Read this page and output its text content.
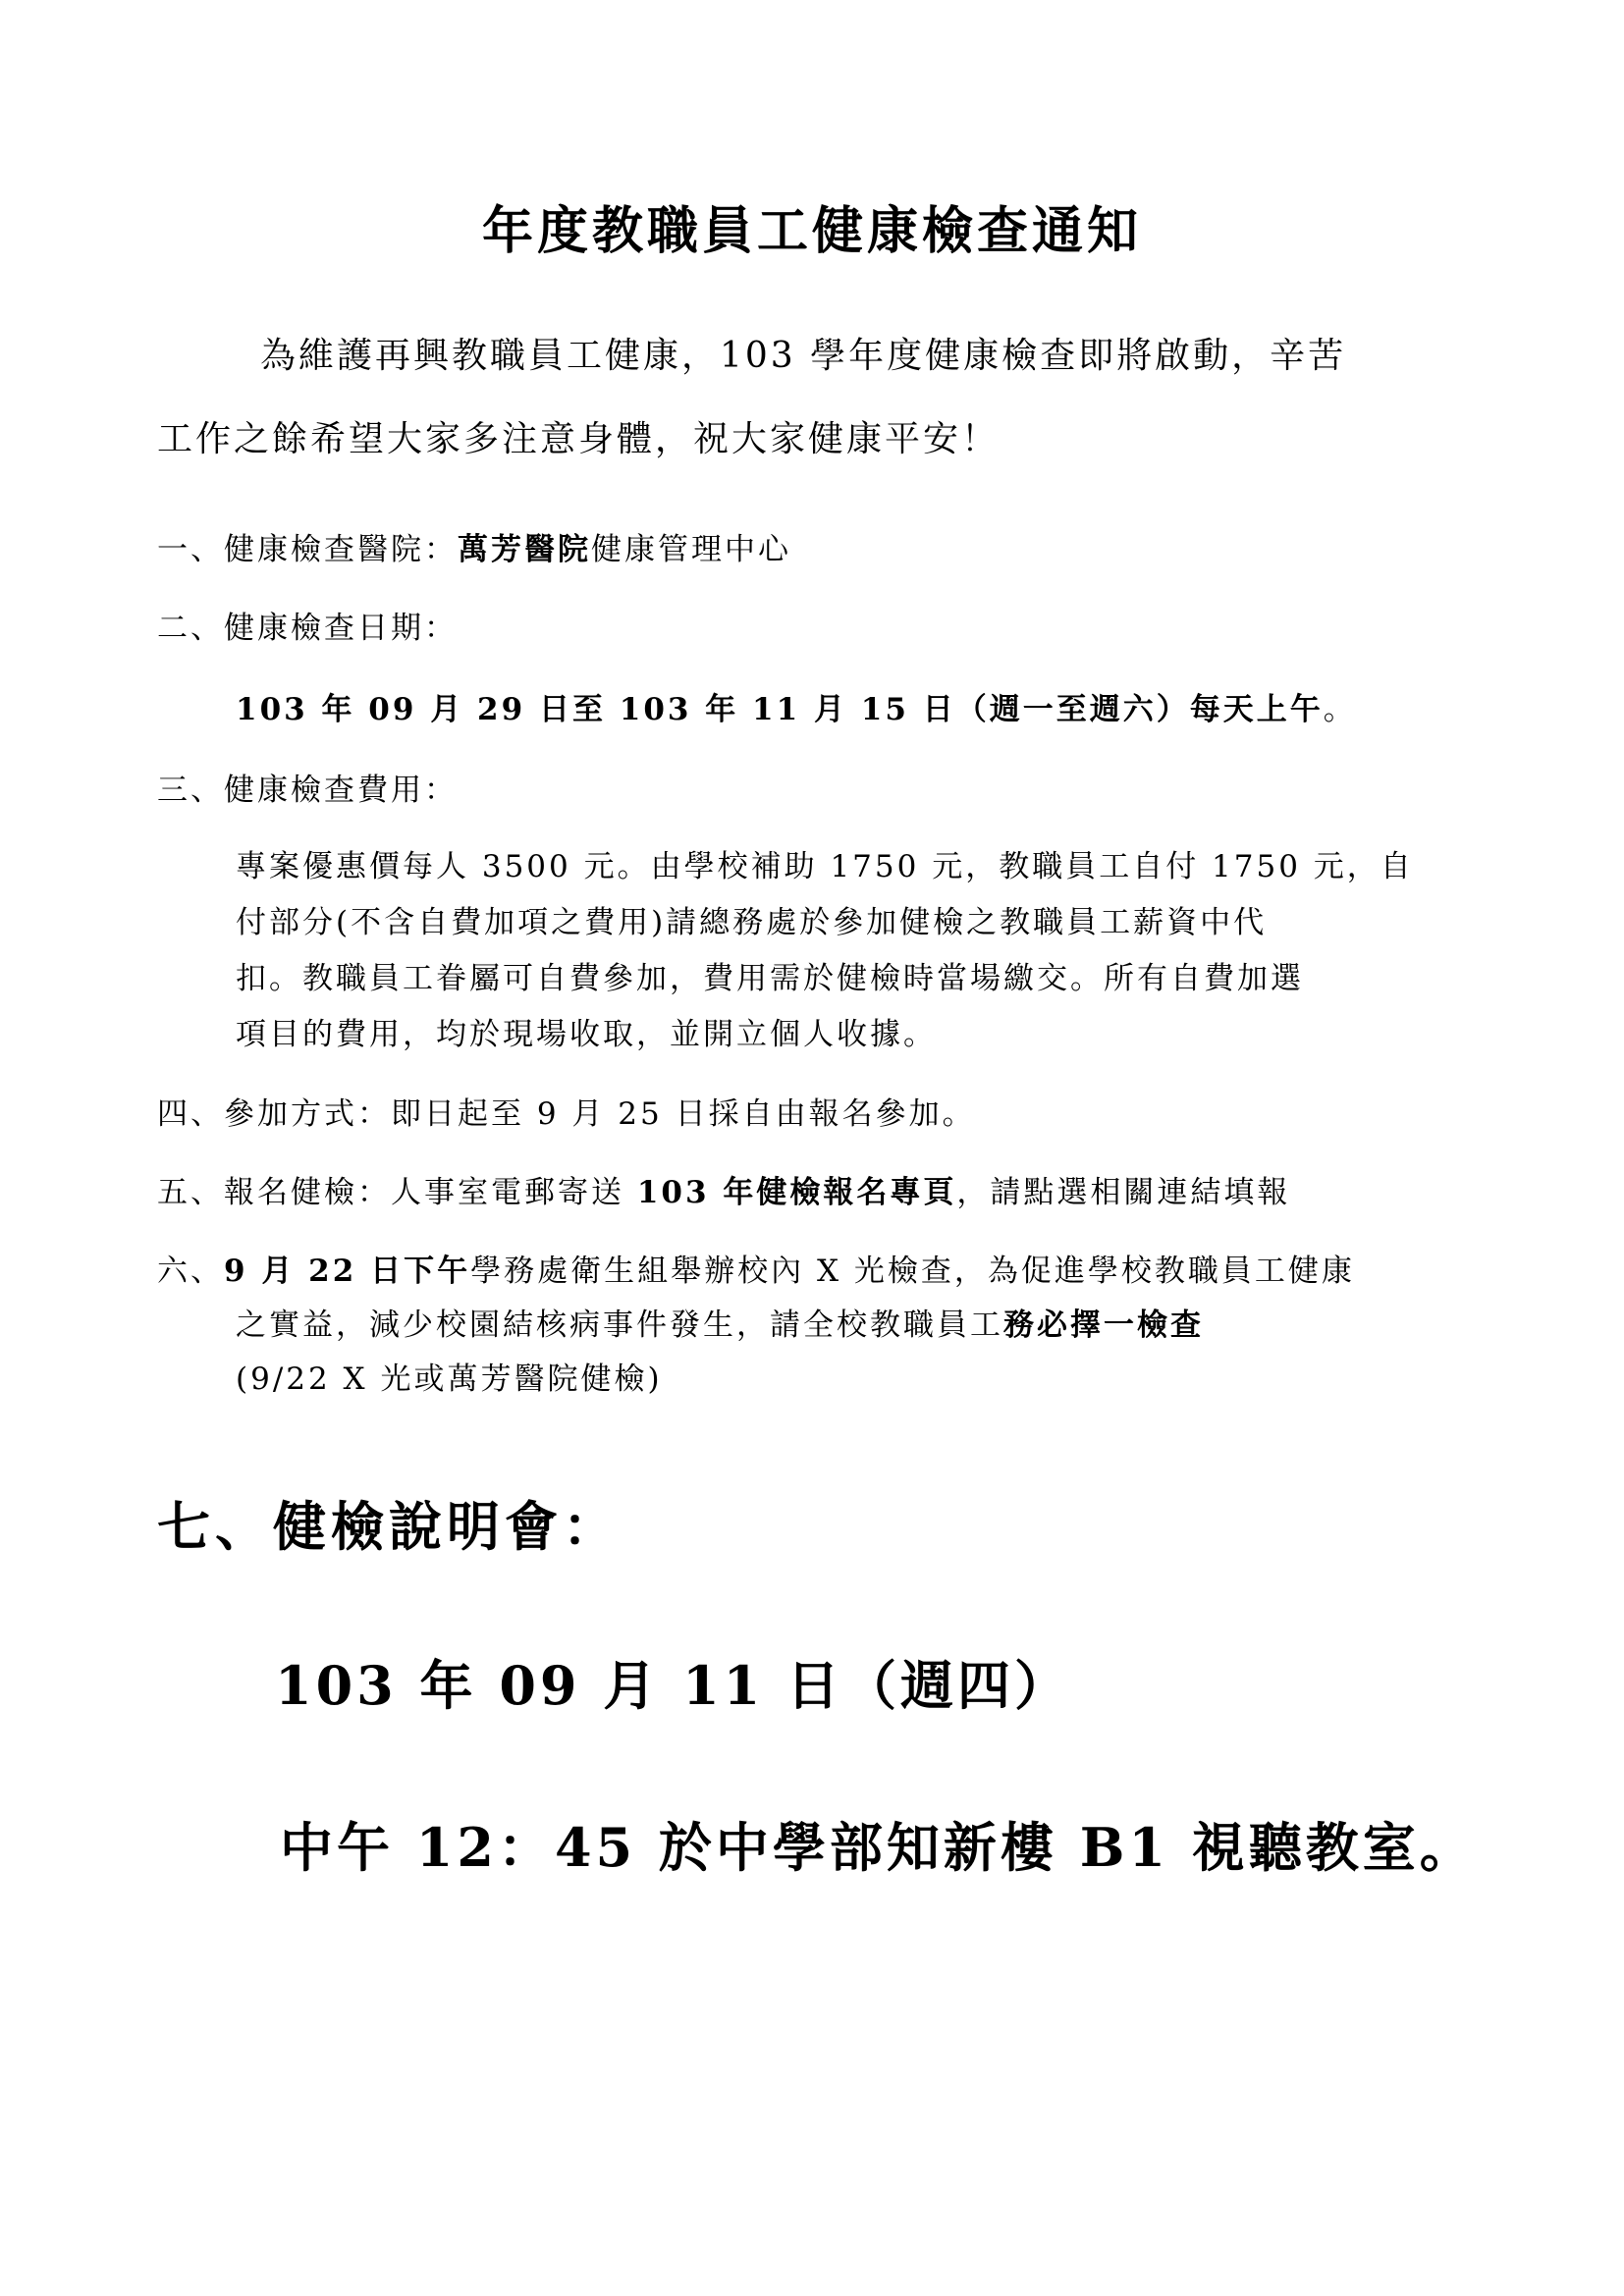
年度教職員工健康檢查通知
為維護再興教職員工健康，103 學年度健康檢查即將啟動，辛苦
工作之餘希望大家多注意身體，祝大家健康平安！
一、健康檢查醫院：萬芳醫院健康管理中心
二、健康檢查日期：
103 年 09 月 29 日至 103 年 11 月 15 日（週一至週六）每天上午。
三、健康檢查費用：
專案優惠價每人 3500 元。由學校補助 1750 元，教職員工自付 1750 元，自
付部分(不含自費加項之費用)請總務處於參加健檢之教職員工薪資中代
扣。教職員工眷屬可自費參加，費用需於健檢時當場繳交。所有自費加選
項目的費用，均於現場收取，並開立個人收據。
四、參加方式：即日起至 9 月 25 日採自由報名參加。
五、報名健檢：人事室電郵寄送 103 年健檢報名專頁，請點選相關連結填報
六、9 月 22 日下午學務處衛生組舉辦校內 X 光檢查，為促進學校教職員工健康
之實益，減少校園結核病事件發生，請全校教職員工務必擇一檢查
(9/22 X 光或萬芳醫院健檢)
七、健檢說明會：
103 年 09 月 11 日（週四）
中午 12：45 於中學部知新樓 B1 視聽教室。
